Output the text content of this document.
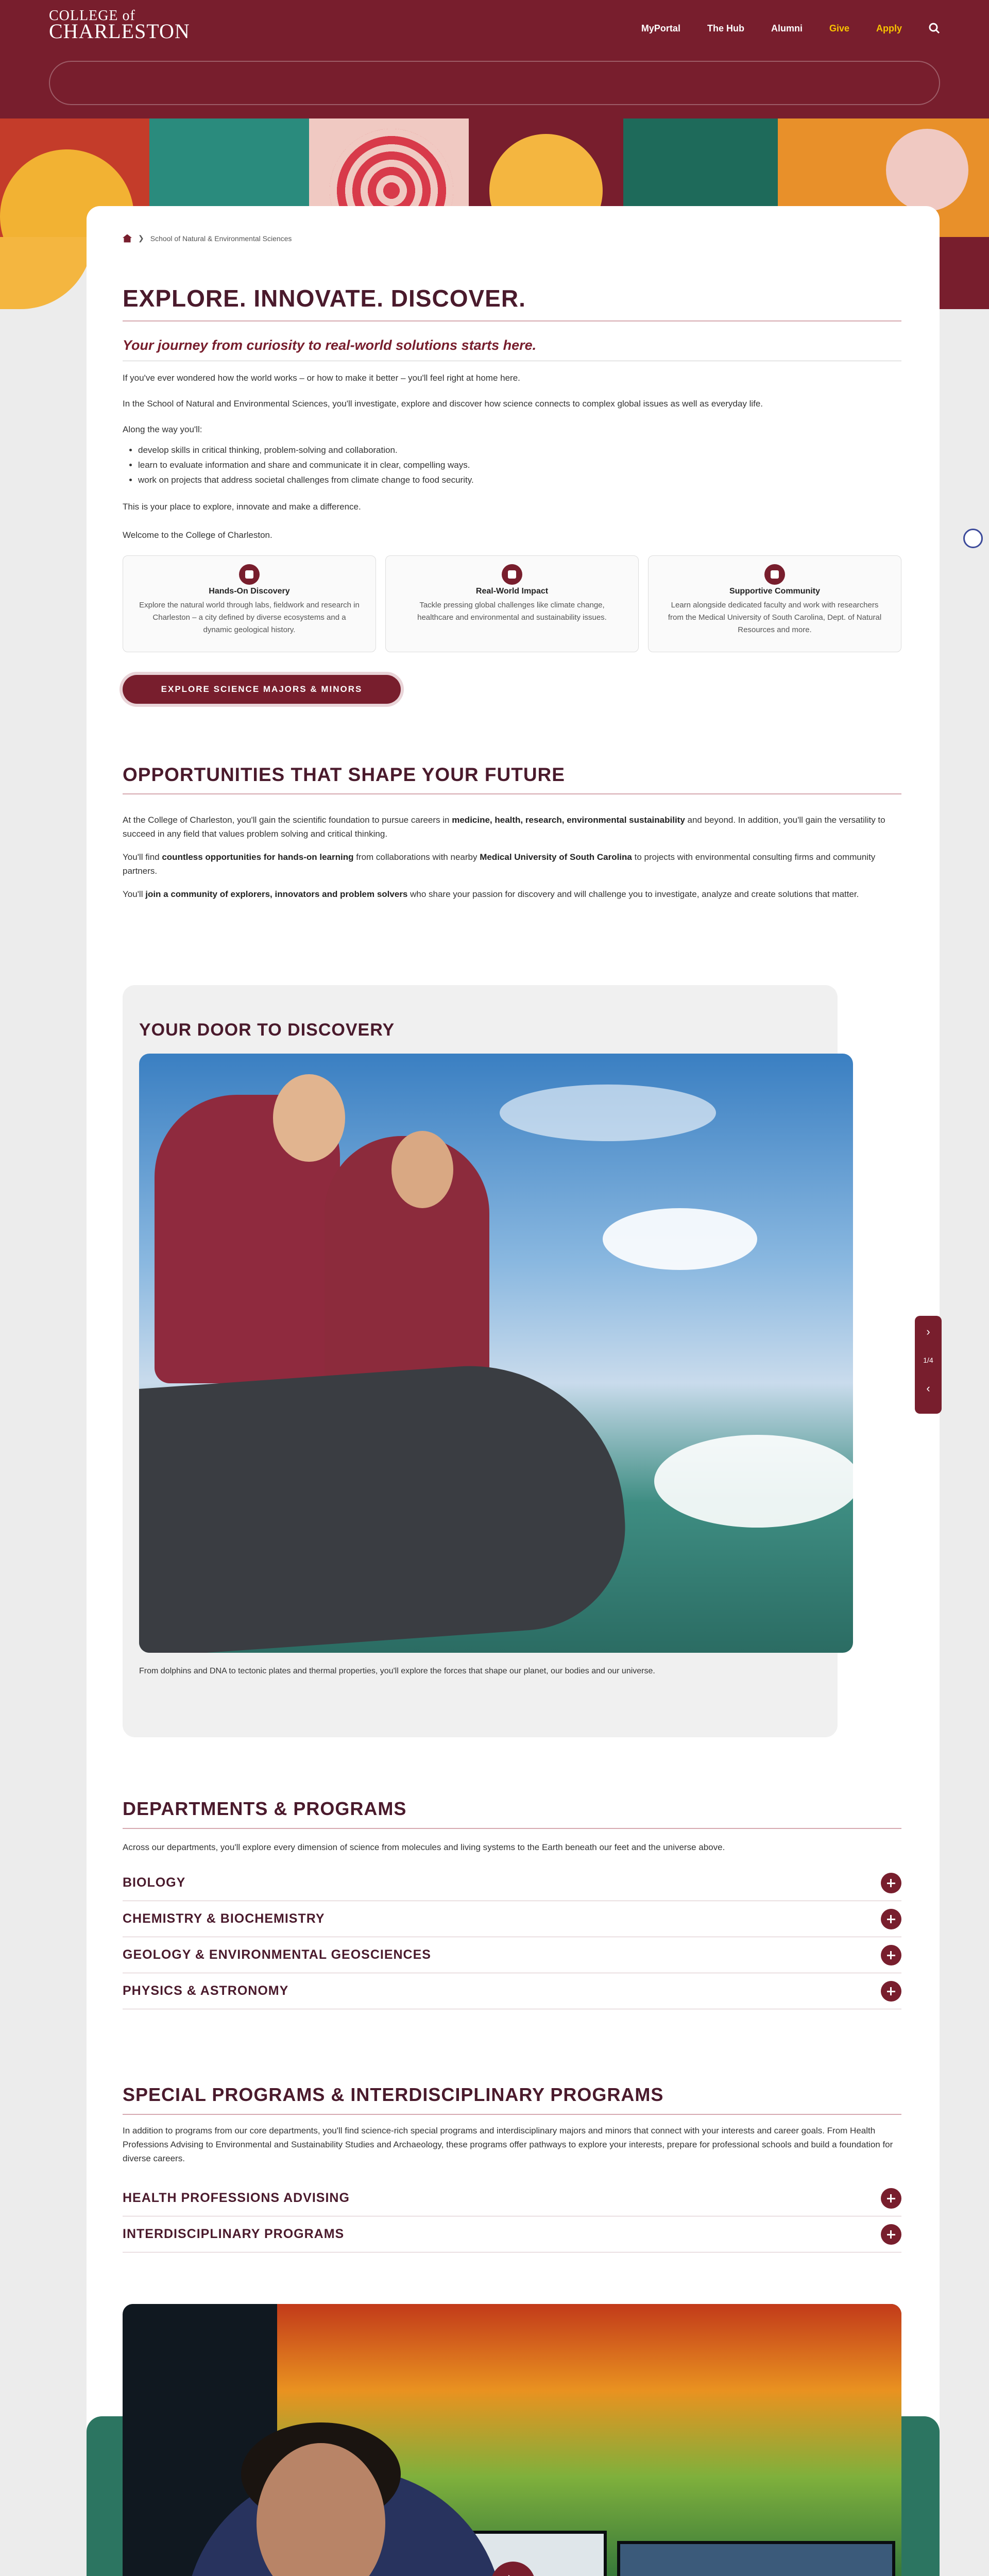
COLLEGE of
CHARLESTON	MyPortal	The Hub	Alumni	Give	Apply
❯ School of Natural & Environmental Sciences
EXPLORE. INNOVATE. DISCOVER.
Your journey from curiosity to real-world solutions starts here.
If you've ever wondered how the world works – or how to make it better – you'll feel right at home here.
In the School of Natural and Environmental Sciences, you'll investigate, explore and discover how science connects to complex global issues as well as everyday life.
Along the way you'll:
• develop skills in critical thinking, problem-solving and collaboration.
• learn to evaluate information and share and communicate it in clear, compelling ways.
• work on projects that address societal challenges from climate change to food security.
This is your place to explore, innovate and make a difference.
Welcome to the College of Charleston.
Hands-On Discovery
Explore the natural world through labs, fieldwork and research in Charleston – a city defined by diverse ecosystems and a dynamic geological history.
Real-World Impact
Tackle pressing global challenges like climate change, healthcare and environmental and sustainability issues.
Supportive Community
Learn alongside dedicated faculty and work with researchers from the Medical University of South Carolina, Dept. of Natural Resources and more.
EXPLORE SCIENCE MAJORS & MINORS
OPPORTUNITIES THAT SHAPE YOUR FUTURE
At the College of Charleston, you'll gain the scientific foundation to pursue careers in medicine, health, research, environmental sustainability and beyond. In addition, you'll gain the versatility to succeed in any field that values problem solving and critical thinking.
You'll find countless opportunities for hands-on learning from collaborations with nearby Medical University of South Carolina to projects with environmental consulting firms and community partners.
You'll join a community of explorers, innovators and problem solvers who share your passion for discovery and will challenge you to investigate, analyze and create solutions that matter.
YOUR DOOR TO DISCOVERY
From dolphins and DNA to tectonic plates and thermal properties, you'll explore the forces that shape our planet, our bodies and our universe.
›
1/4
‹
DEPARTMENTS & PROGRAMS
Across our departments, you'll explore every dimension of science from molecules and living systems to the Earth beneath our feet and the universe above.
BIOLOGY
CHEMISTRY & BIOCHEMISTRY
GEOLOGY & ENVIRONMENTAL GEOSCIENCES
PHYSICS & ASTRONOMY
SPECIAL PROGRAMS & INTERDISCIPLINARY PROGRAMS
In addition to programs from our core departments, you'll find science-rich special programs and interdisciplinary majors and minors that connect with your interests and career goals. From Health Professions Advising to Environmental and Sustainability Studies and Archaeology, these programs offer pathways to explore your interests, prepare for professional schools and build a foundation for diverse careers.
HEALTH PROFESSIONS ADVISING
INTERDISCIPLINARY PROGRAMS
